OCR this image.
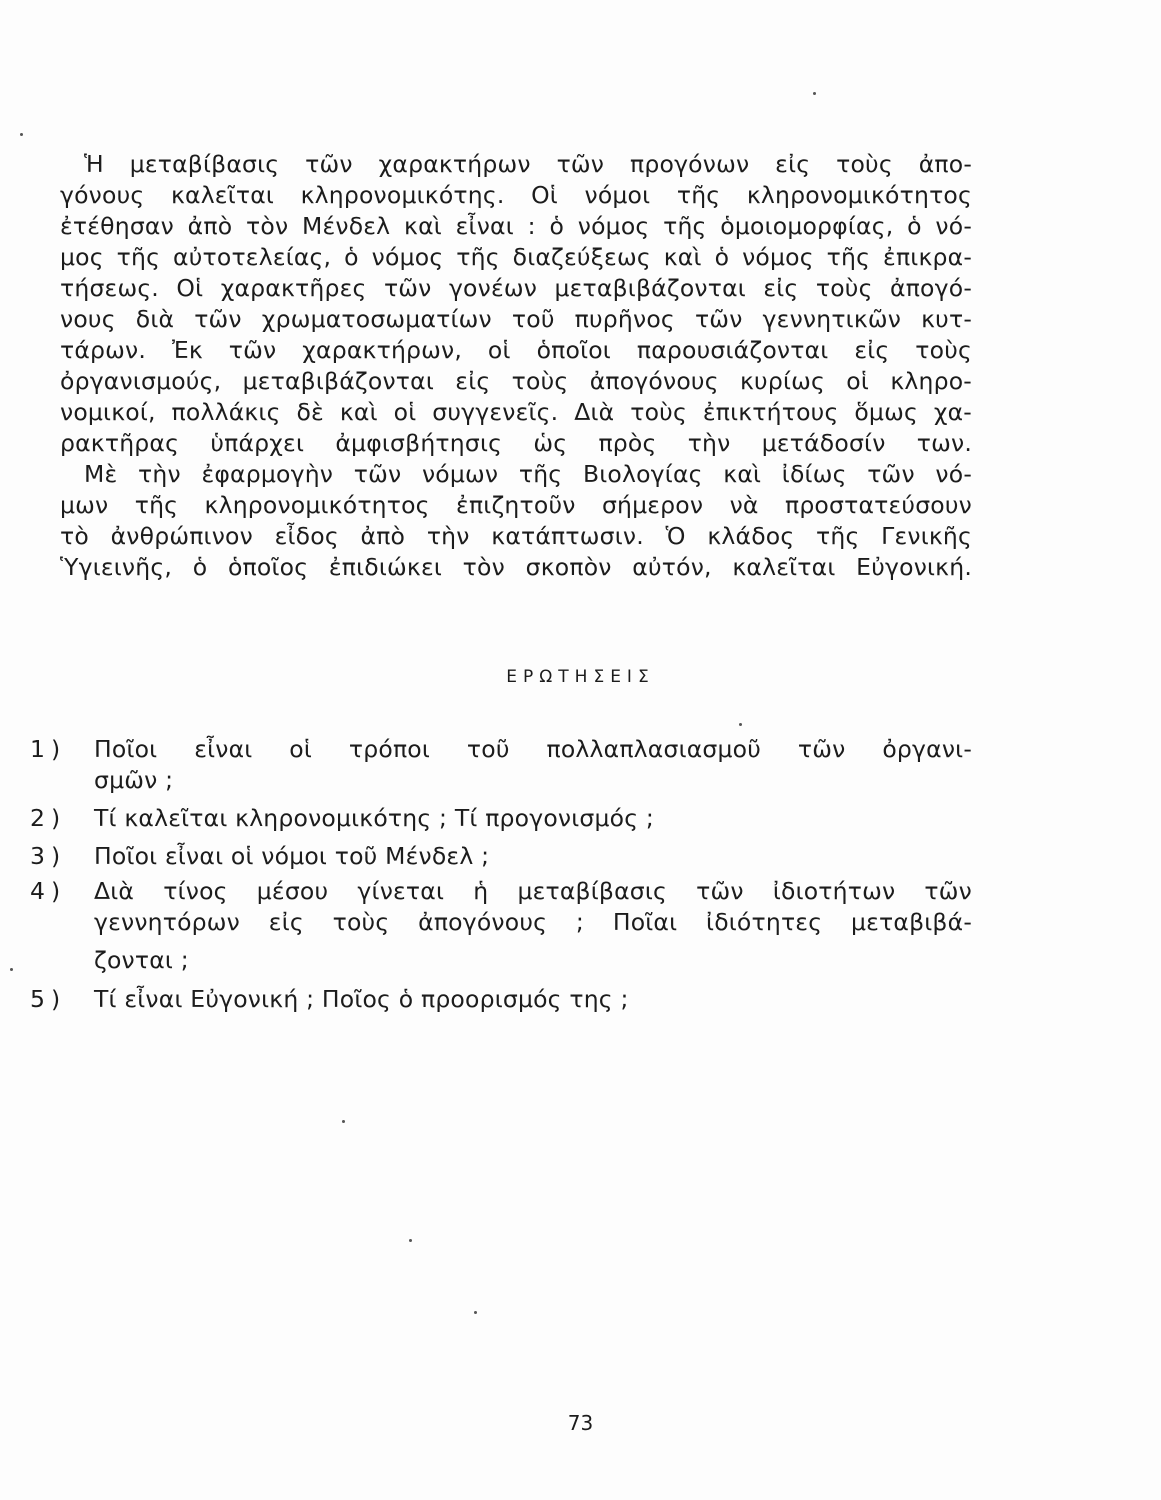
Ἡ μεταβίβασις τῶν χαρακτήρων τῶν προγόνων εἰς τοὺς ἀπο-
γόνους καλεῖται κληρονομικότης. Οἱ νόμοι τῆς κληρονομικότητος
ἐτέθησαν ἀπὸ τὸν Μένδελ καὶ εἶναι : ὁ νόμος τῆς ὁμοιομορφίας, ὁ νό-
μος τῆς αὐτοτελείας, ὁ νόμος τῆς διαζεύξεως καὶ ὁ νόμος τῆς ἐπικρα-
τήσεως. Οἱ χαρακτῆρες τῶν γονέων μεταβιβάζονται εἰς τοὺς ἀπογό-
νους διὰ τῶν χρωματοσωματίων τοῦ πυρῆνος τῶν γεννητικῶν κυτ-
τάρων. Ἐκ τῶν χαρακτήρων, οἱ ὁποῖοι παρουσιάζονται εἰς τοὺς
ὀργανισμούς, μεταβιβάζονται εἰς τοὺς ἀπογόνους κυρίως οἱ κληρο-
νομικοί, πολλάκις δὲ καὶ οἱ συγγενεῖς. Διὰ τοὺς ἐπικτήτους ὅμως χα-
ρακτῆρας ὑπάρχει ἀμφισβήτησις ὡς πρὸς τὴν μετάδοσίν των.
Μὲ τὴν ἐφαρμογὴν τῶν νόμων τῆς Βιολογίας καὶ ἰδίως τῶν νό-
μων τῆς κληρονομικότητος ἐπιζητοῦν σήμερον νὰ προστατεύσουν
τὸ ἀνθρώπινον εἶδος ἀπὸ τὴν κατάπτωσιν. Ὁ κλάδος τῆς Γενικῆς
Ὑγιεινῆς, ὁ ὁποῖος ἐπιδιώκει τὸν σκοπὸν αὐτόν, καλεῖται Εὐγονική.
ΕΡΩΤΗΣΕΙΣ
1)	Ποῖοι εἶναι οἱ τρόποι τοῦ πολλαπλασιασμοῦ τῶν ὀργανι-
σμῶν ;
2)	Τί καλεῖται κληρονομικότης ; Τί προγονισμός ;
3)	Ποῖοι εἶναι οἱ νόμοι τοῦ Μένδελ ;
4)	Διὰ τίνος μέσου γίνεται ἡ μεταβίβασις τῶν ἰδιοτήτων τῶν
γεννητόρων εἰς τοὺς ἀπογόνους ; Ποῖαι ἰδιότητες μεταβιβά-
ζονται ;
5)	Τί εἶναι Εὐγονική ; Ποῖος ὁ προορισμός της ;
73
